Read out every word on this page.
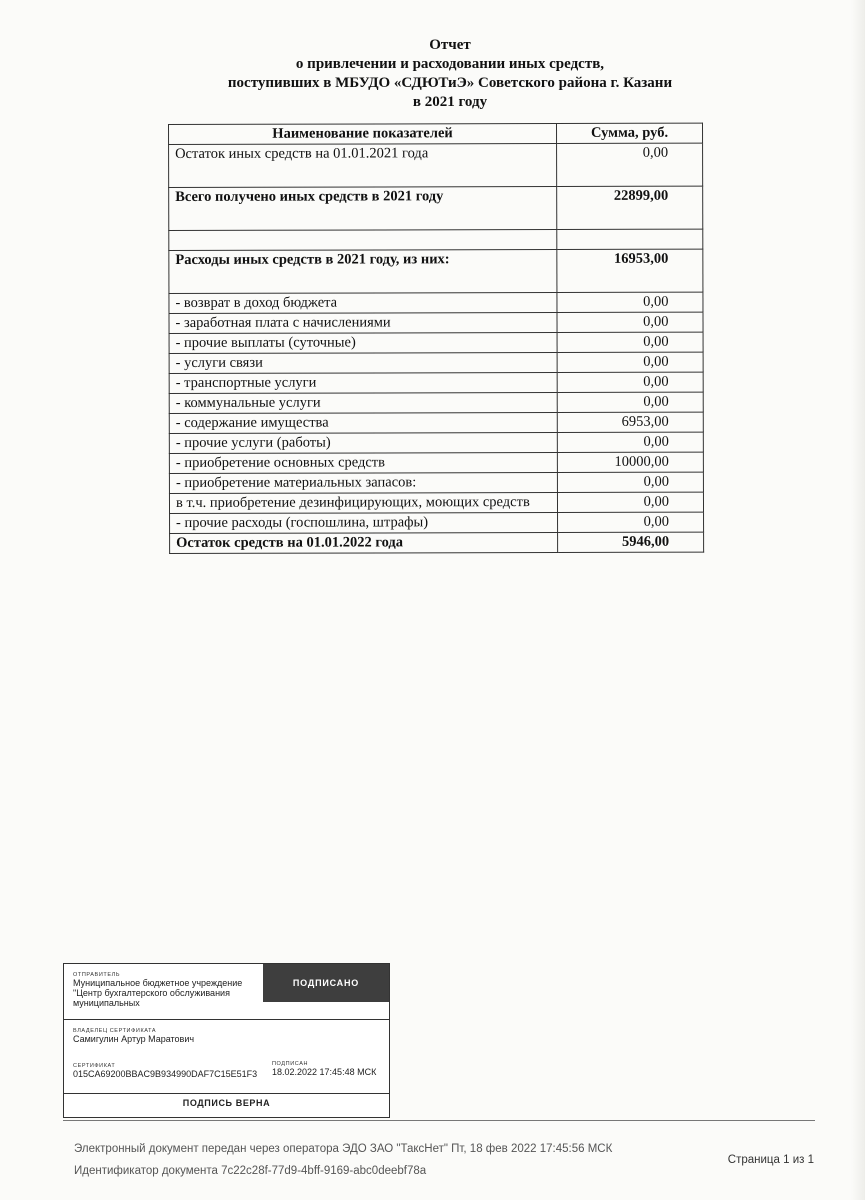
Отчет
о привлечении и расходовании иных средств,
поступивших в МБУДО «СДЮТиЭ» Советского района г. Казани
в 2021 году
Наименование показателей	Сумма, руб.
Остаток иных средств на 01.01.2021 года	0,00
Всего получено иных средств в 2021 году	22899,00

Расходы иных средств в 2021 году, из них:	16953,00
- возврат в доход бюджета	0,00
- заработная плата с начислениями	0,00
- прочие выплаты (суточные)	0,00
- услуги связи	0,00
- транспортные услуги	0,00
- коммунальные услуги	0,00
- содержание имущества	6953,00
- прочие услуги (работы)	0,00
- приобретение основных средств	10000,00
- приобретение материальных запасов:	0,00
в т.ч. приобретение дезинфицирующих, моющих средств	0,00
- прочие расходы (госпошлина, штрафы)	0,00
Остаток средств на 01.01.2022 года	5946,00
ОТПРАВИТЕЛЬ
Муниципальное бюджетное учреждение "Центр бухгалтерского обслуживания муниципальных
ПОДПИСАНО
ВЛАДЕЛЕЦ СЕРТИФИКАТА
Самигулин Артур Маратович
СЕРТИФИКАТ
015CA69200BBAC9B934990DAF7C15E51F3
ПОДПИСАН
18.02.2022 17:45:48 МСК
ПОДПИСЬ ВЕРНА
Электронный документ передан через оператора ЭДО ЗАО "ТаксНет" Пт, 18 фев 2022 17:45:56 МСК
Идентификатор документа 7c22c28f-77d9-4bff-9169-abc0deebf78a
Страница 1 из 1
